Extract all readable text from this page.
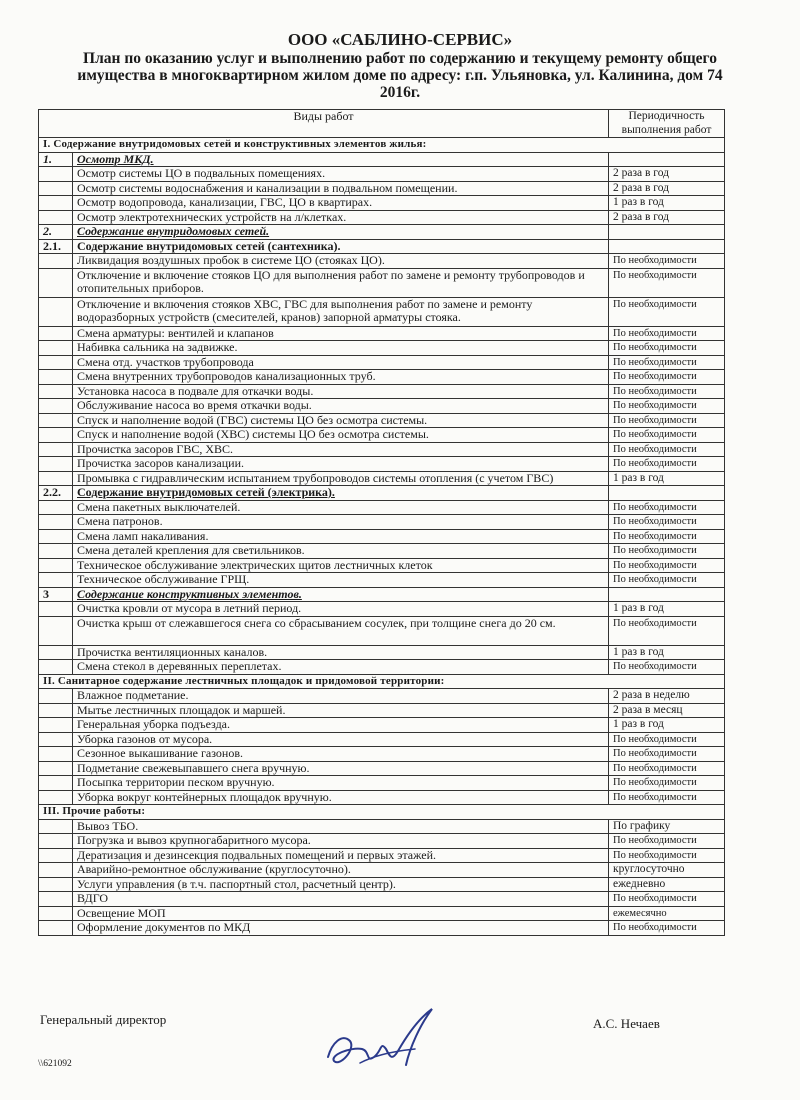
ООО «САБЛИНО-СЕРВИС»
План по оказанию услуг и выполнению работ по содержанию и текущему ремонту общего
имущества в многоквартирном жилом доме по адресу: г.п. Ульяновка, ул. Калинина, дом 74
2016г.
Виды работ		Периодичность выполнения работ
I. Содержание внутридомовых сетей и конструктивных элементов жилья:		
1.	Осмотр МКД.	
	Осмотр системы ЦО в подвальных помещениях.	2 раза в год
	Осмотр системы водоснабжения и канализации в подвальном помещении.	2 раза в год
	Осмотр водопровода, канализации, ГВС, ЦО в квартирах.	1 раз в год
	Осмотр электротехнических устройств на л/клетках.	2 раза в год
2.	Содержание внутридомовых сетей.	
2.1.	Содержание внутридомовых сетей (сантехника).	
	Ликвидация воздушных пробок в системе ЦО (стояках ЦО).	По необходимости
	Отключение и включение стояков ЦО для выполнения работ по замене и ремонту трубопроводов и отопительных приборов.	По необходимости
	Отключение и включения стояков ХВС, ГВС для выполнения работ по замене и ремонту водоразборных устройств (смесителей, кранов) запорной арматуры стояка.	По необходимости
	Смена арматуры: вентилей и клапанов	По необходимости
	Набивка сальника на задвижке.	По необходимости
	Смена отд. участков трубопровода	По необходимости
	Смена внутренних трубопроводов канализационных труб.	По необходимости
	Установка насоса в подвале для откачки воды.	По необходимости
	Обслуживание насоса во время откачки воды.	По необходимости
	Спуск и наполнение водой (ГВС) системы ЦО без осмотра системы.	По необходимости
	Спуск и наполнение водой (ХВС) системы ЦО без осмотра системы.	По необходимости
	Прочистка засоров ГВС, ХВС.	По необходимости
	Прочистка засоров канализации.	По необходимости
	Промывка с гидравлическим испытанием трубопроводов системы отопления (с учетом ГВС)	1 раз в год
2.2.	Содержание внутридомовых сетей (электрика).	
	Смена пакетных выключателей.	По необходимости
	Смена патронов.	По необходимости
	Смена ламп накаливания.	По необходимости
	Смена деталей крепления для светильников.	По необходимости
	Техническое обслуживание электрических щитов лестничных клеток	По необходимости
	Техническое обслуживание ГРЩ.	По необходимости
3	Содержание конструктивных элементов.	
	Очистка кровли от мусора в летний период.	1 раз в год
	Очистка крыш от слежавшегося снега со сбрасыванием сосулек, при толщине снега до 20 см.	По необходимости
	Прочистка вентиляционных каналов.	1 раз в год
	Смена стекол в деревянных переплетах.	По необходимости
II. Санитарное содержание лестничных площадок и придомовой территории:		
	Влажное подметание.	2 раза в неделю
	Мытье лестничных площадок и маршей.	2 раза в месяц
	Генеральная уборка подъезда.	1 раз в год
	Уборка газонов от мусора.	По необходимости
	Сезонное выкашивание газонов.	По необходимости
	Подметание свежевыпавшего снега вручную.	По необходимости
	Посыпка территории песком вручную.	По необходимости
	Уборка вокруг контейнерных площадок вручную.	По необходимости
III. Прочие работы:		
	Вывоз ТБО.	По графику
	Погрузка и вывоз крупногабаритного мусора.	По необходимости
	Дератизация и дезинсекция подвальных помещений и первых этажей.	По необходимости
	Аварийно-ремонтное обслуживание (круглосуточно).	круглосуточно
	Услуги управления (в т.ч. паспортный стол, расчетный центр).	ежедневно
	ВДГО	По необходимости
	Освещение МОП	ежемесячно
	Оформление документов по МКД	По необходимости
Генеральный директор	А.С. Нечаев
\\621092
